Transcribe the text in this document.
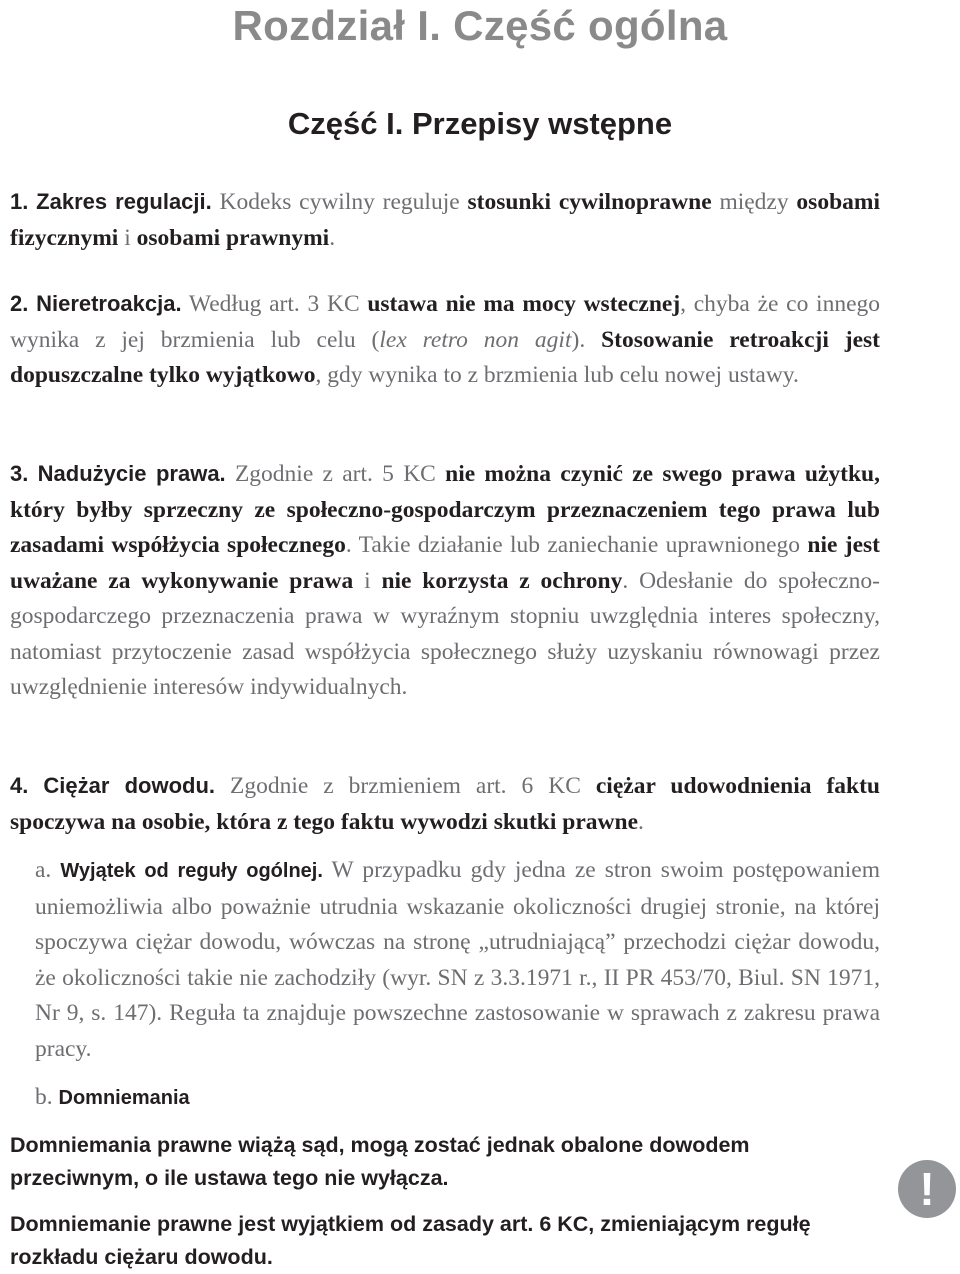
Rozdział I. Część ogólna
Część I. Przepisy wstępne

1. Zakres regulacji. Kodeks cywilny reguluje stosunki cywilnoprawne między osobami fizycznymi i osobami prawnymi.

2. Nieretroakcja. Według art. 3 KC ustawa nie ma mocy wstecznej, chyba że co innego wynika z jej brzmienia lub celu (lex retro non agit). Stosowanie retroakcji jest dopuszczalne tylko wyjątkowo, gdy wynika to z brzmienia lub celu nowej ustawy.

3. Nadużycie prawa. Zgodnie z art. 5 KC nie można czynić ze swego prawa użytku, który byłby sprzeczny ze społeczno-gospodarczym przeznaczeniem tego prawa lub zasadami współżycia społecznego. Takie działanie lub zaniechanie uprawnionego nie jest uważane za wykonywanie prawa i nie korzysta z ochrony. Odesłanie do społeczno-gospodarczego przeznaczenia prawa w wyraźnym stopniu uwzględnia interes społeczny, natomiast przytoczenie zasad współżycia społecznego służy uzyskaniu równowagi przez uwzględnienie interesów indywidualnych.

4. Ciężar dowodu. Zgodnie z brzmieniem art. 6 KC ciężar udowodnienia faktu spoczywa na osobie, która z tego faktu wywodzi skutki prawne.

a. Wyjątek od reguły ogólnej. W przypadku gdy jedna ze stron swoim postępowaniem uniemożliwia albo poważnie utrudnia wskazanie okoliczności drugiej stronie, na której spoczywa ciężar dowodu, wówczas na stronę „utrudniającą” przechodzi ciężar dowodu, że okoliczności takie nie zachodziły (wyr. SN z 3.3.1971 r., II PR 453/70, Biul. SN 1971, Nr 9, s. 147). Reguła ta znajduje powszechne zastosowanie w sprawach z zakresu prawa pracy.

b. Domniemania

Domniemania prawne wiążą sąd, mogą zostać jednak obalone dowodem przeciwnym, o ile ustawa tego nie wyłącza.

Domniemanie prawne jest wyjątkiem od zasady art. 6 KC, zmieniającym regułę rozkładu ciężaru dowodu.

!
